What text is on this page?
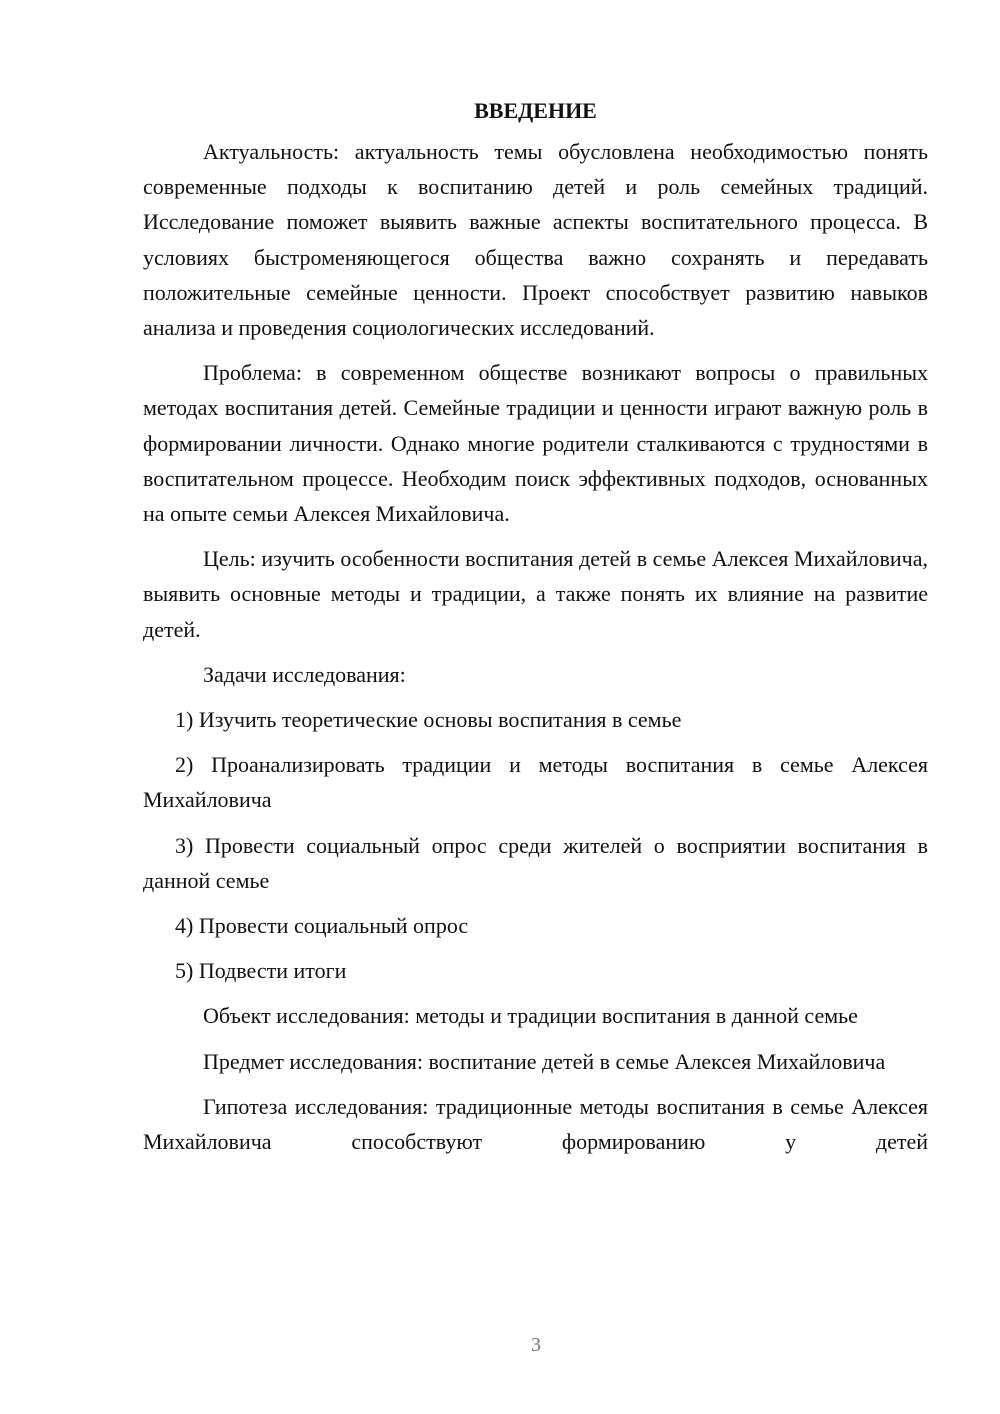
ВВЕДЕНИЕ
Актуальность: актуальность темы обусловлена необходимостью понять современные подходы к воспитанию детей и роль семейных традиций. Исследование поможет выявить важные аспекты воспитательного процесса. В условиях быстроменяющегося общества важно сохранять и передавать положительные семейные ценности. Проект способствует развитию навыков анализа и проведения социологических исследований.
Проблема: в современном обществе возникают вопросы о правильных методах воспитания детей. Семейные традиции и ценности играют важную роль в формировании личности. Однако многие родители сталкиваются с трудностями в воспитательном процессе. Необходим поиск эффективных подходов, основанных на опыте семьи Алексея Михайловича.
Цель: изучить особенности воспитания детей в семье Алексея Михайловича, выявить основные методы и традиции, а также понять их влияние на развитие детей.
Задачи исследования:
1) Изучить теоретические основы воспитания в семье
2) Проанализировать традиции и методы воспитания в семье Алексея Михайловича
3) Провести социальный опрос среди жителей о восприятии воспитания в данной семье
4) Провести социальный опрос
5) Подвести итоги
Объект исследования: методы и традиции воспитания в данной семье
Предмет исследования: воспитание детей в семье Алексея Михайловича
Гипотеза исследования: традиционные методы воспитания в семье Алексея Михайловича способствуют формированию у детей
3
